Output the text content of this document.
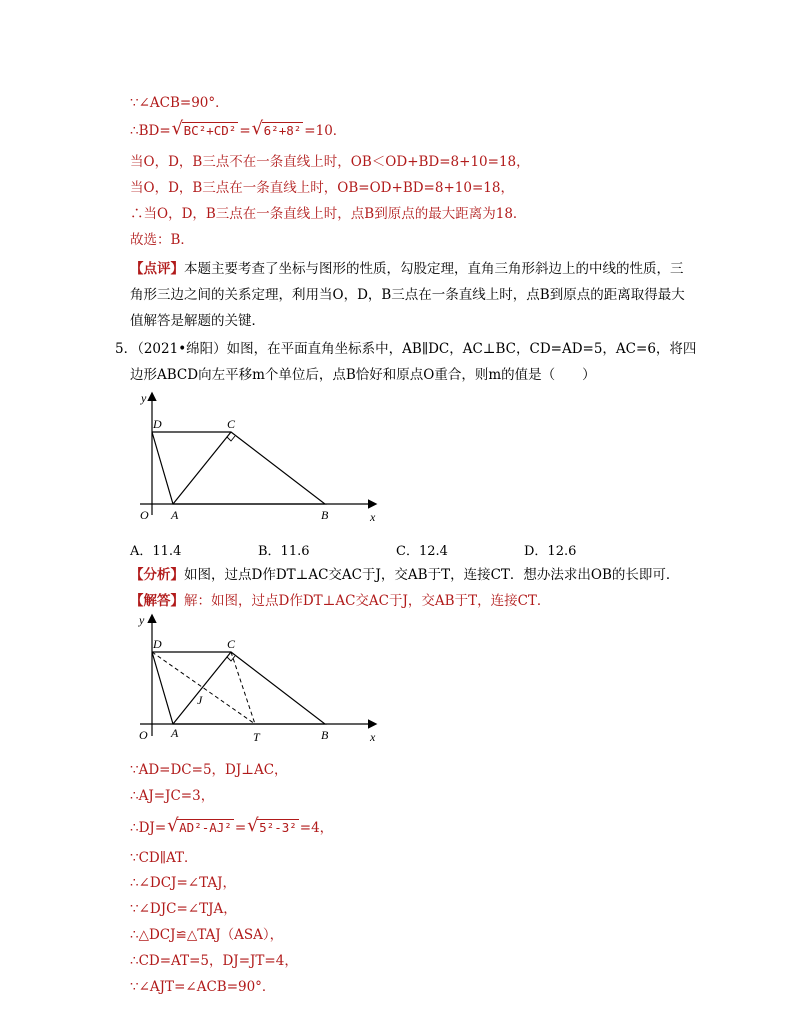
∵∠ACB=90°．
∴BD= √ BC²+CD² = √ 6²+8² =10．
当O，D，B三点不在一条直线上时，OB＜OD+BD=8+10=18，
当O，D，B三点在一条直线上时，OB=OD+BD=8+10=18，
∴当O，D，B三点在一条直线上时，点B到原点的最大距离为18．
故选：B．
【点评】本题主要考查了坐标与图形的性质，勾股定理，直角三角形斜边上的中线的性质，三
角形三边之间的关系定理，利用当O，D，B三点在一条直线上时，点B到原点的距离取得最大
值解答是解题的关键．
5．（2021•绵阳）如图，在平面直角坐标系中，AB∥DC，AC⊥BC，CD=AD=5，AC=6，将四
边形ABCD向左平移m个单位后，点B恰好和原点O重合，则m的值是（　　）
y
D	C
O A	B	x
A．11.4	B．11.6	C．12.4	D．12.6
【分析】如图，过点D作DT⊥AC交AC于J，交AB于T，连接CT．想办法求出OB的长即可．
【解答】解：如图，过点D作DT⊥AC交AC于J，交AB于T，连接CT．
y
D	C
J
O A	T	B	x
∵AD=DC=5，DJ⊥AC，
∴AJ=JC=3，
∴DJ= √ AD²-AJ² = √ 5²-3² =4，
∵CD∥AT．
∴∠DCJ=∠TAJ，
∵∠DJC=∠TJA，
∴△DCJ≌△TAJ（ASA），
∴CD=AT=5，DJ=JT=4，
∵∠AJT=∠ACB=90°．
